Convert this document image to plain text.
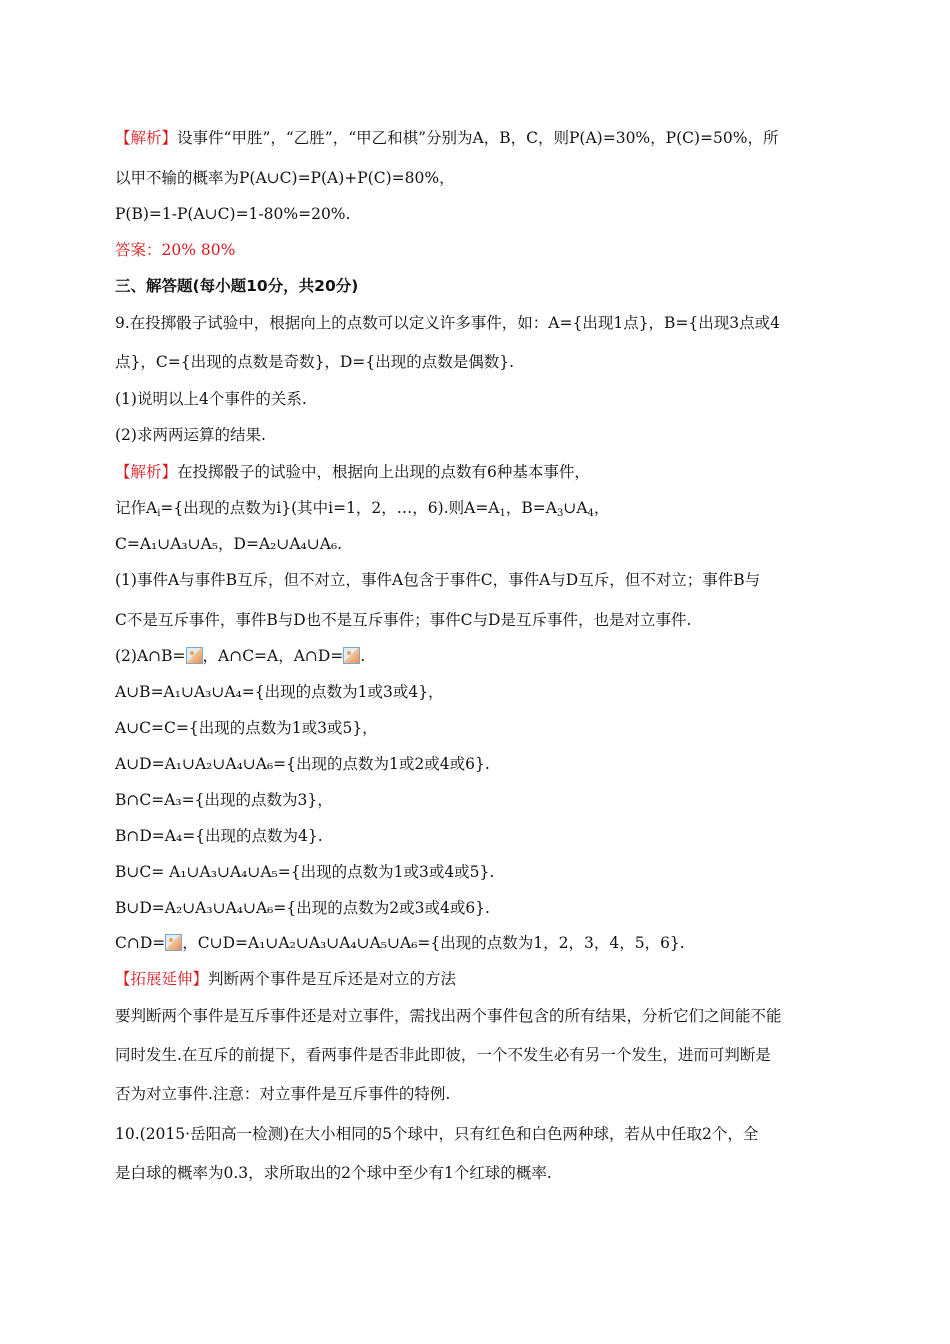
【解析】设事件“甲胜”，“乙胜”，“甲乙和棋”分别为A，B，C，则P(A)=30%，P(C)=50%，所
以甲不输的概率为P(A∪C)=P(A)+P(C)=80%，
P(B)=1-P(A∪C)=1-80%=20%.
答案：20% 80%
三、解答题(每小题10分，共20分)
9.在投掷骰子试验中，根据向上的点数可以定义许多事件，如：A={出现1点}，B={出现3点或4
点}，C={出现的点数是奇数}，D={出现的点数是偶数}.
(1)说明以上4个事件的关系.
(2)求两两运算的结果.
【解析】在投掷骰子的试验中，根据向上出现的点数有6种基本事件，
记作$A_i=${出现的点数为i}(其中i=1，2，…，6).则$A=A_1$，$B=A_3\cup A_4$，
C=A₁∪A₃∪A₅，D=A₂∪A₄∪A₆.
(1)事件A与事件B互斥，但不对立，事件A包含于事件C，事件A与D互斥，但不对立；事件B与
C不是互斥事件，事件B与D也不是互斥事件；事件C与D是互斥事件，也是对立事件.
(2)A∩B= ，A∩C=A，A∩D= .
A∪B=A₁∪A₃∪A₄={出现的点数为1或3或4}，
A∪C=C={出现的点数为1或3或5}，
A∪D=A₁∪A₂∪A₄∪A₆={出现的点数为1或2或4或6}.
B∩C=A₃={出现的点数为3}，
B∩D=A₄={出现的点数为4}.
B∪C= A₁∪A₃∪A₄∪A₅={出现的点数为1或3或4或5}.
B∪D=A₂∪A₃∪A₄∪A₆={出现的点数为2或3或4或6}.
C∩D= ，C∪D=A₁∪A₂∪A₃∪A₄∪A₅∪A₆={出现的点数为1，2，3，4，5，6}.
【拓展延伸】判断两个事件是互斥还是对立的方法
要判断两个事件是互斥事件还是对立事件，需找出两个事件包含的所有结果，分析它们之间能不能
同时发生.在互斥的前提下，看两事件是否非此即彼，一个不发生必有另一个发生，进而可判断是
否为对立事件.注意：对立事件是互斥事件的特例.
10.(2015·岳阳高一检测)在大小相同的5个球中，只有红色和白色两种球，若从中任取2个，全
是白球的概率为0.3，求所取出的2个球中至少有1个红球的概率.
